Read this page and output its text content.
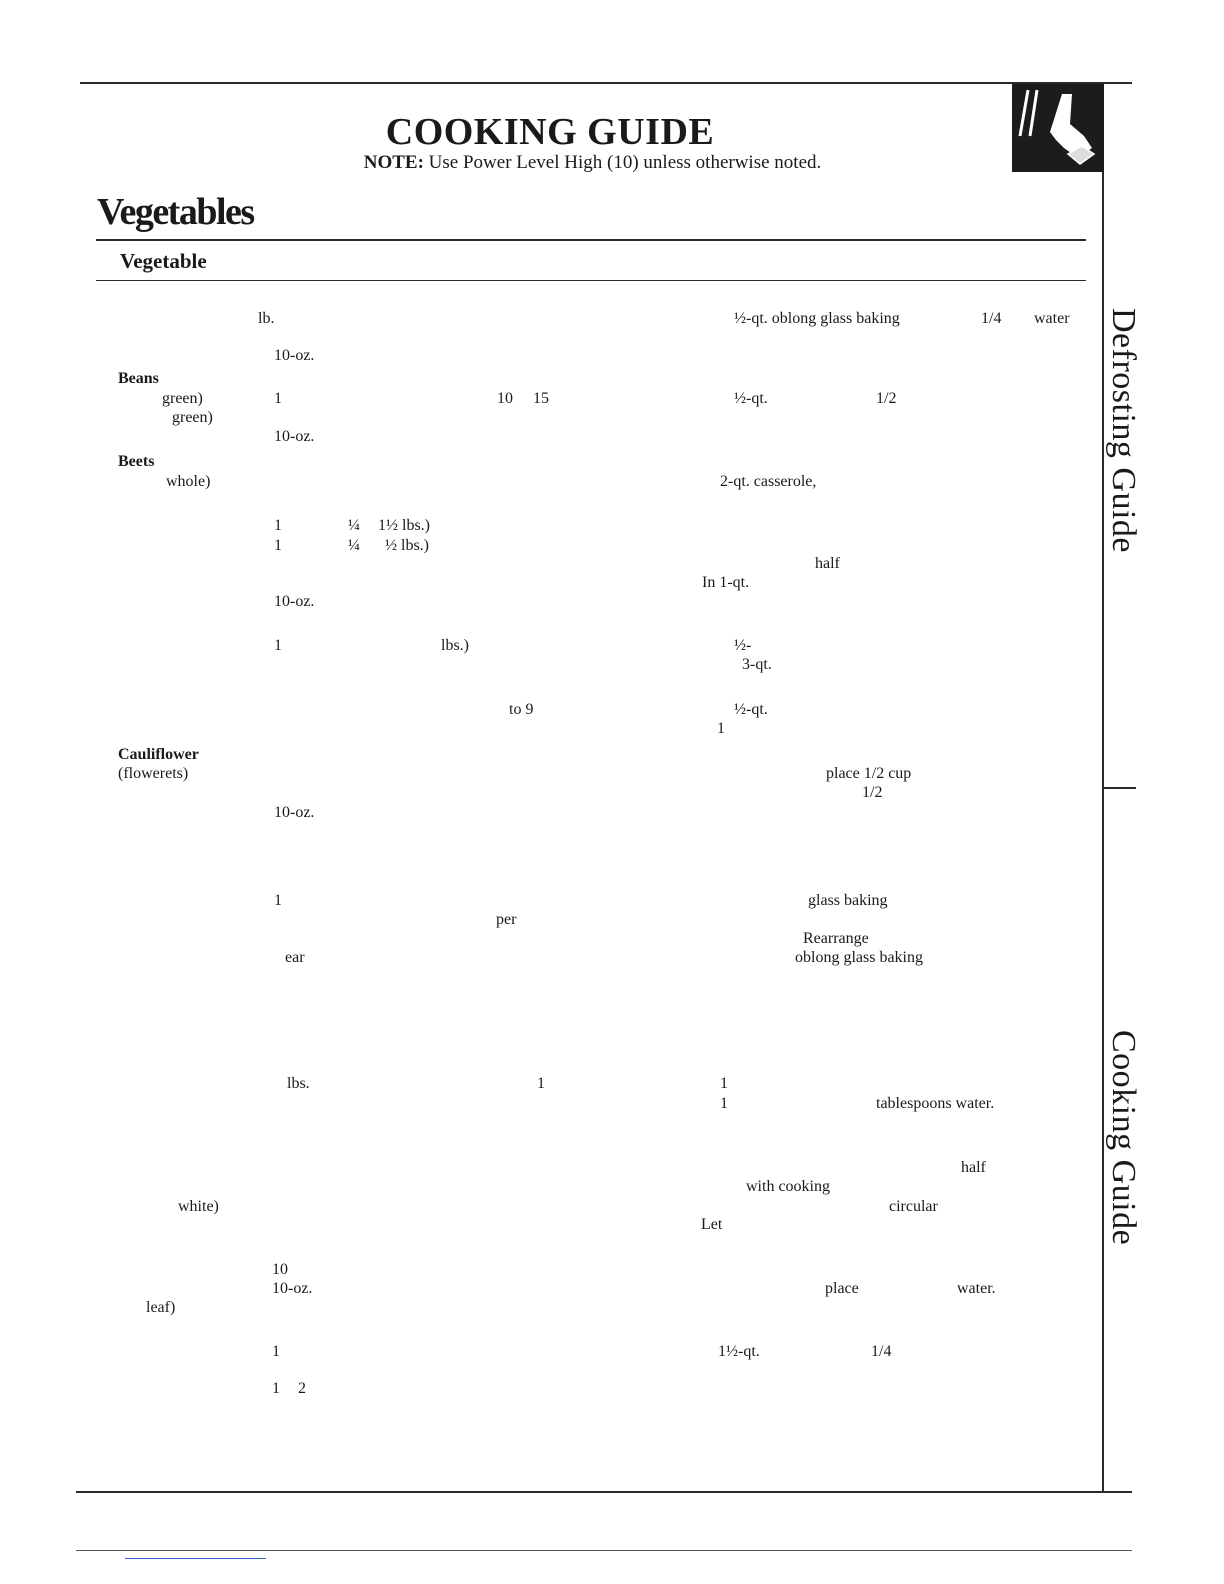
COOKING GUIDE
NOTE: Use Power Level High (10) unless otherwise noted.
Vegetables
Vegetable
Defrosting Guide
Cooking Guide
lb.	½-qt. oblong glass baking	1/4 water
10-oz.
Beans
green)	1	10 15	½-qt.	1/2
green)
10-oz.
Beets
whole)	2-qt. casserole,
1	¼ 1½ lbs.)
1	¼ ½ lbs.)
half
In 1-qt.
10-oz.
1	lbs.)	½-
3-qt.
to 9	½-qt.
1
Cauliflower
(flowerets)	place 1/2 cup
1/2
10-oz.
1	glass baking
per
Rearrange
ear	oblong glass baking
lbs.	1	1
1	tablespoons water.
half
with cooking
white)	circular
Let
10
10-oz.	place	water.
leaf)
1	1½-qt.	1/4
1 2
